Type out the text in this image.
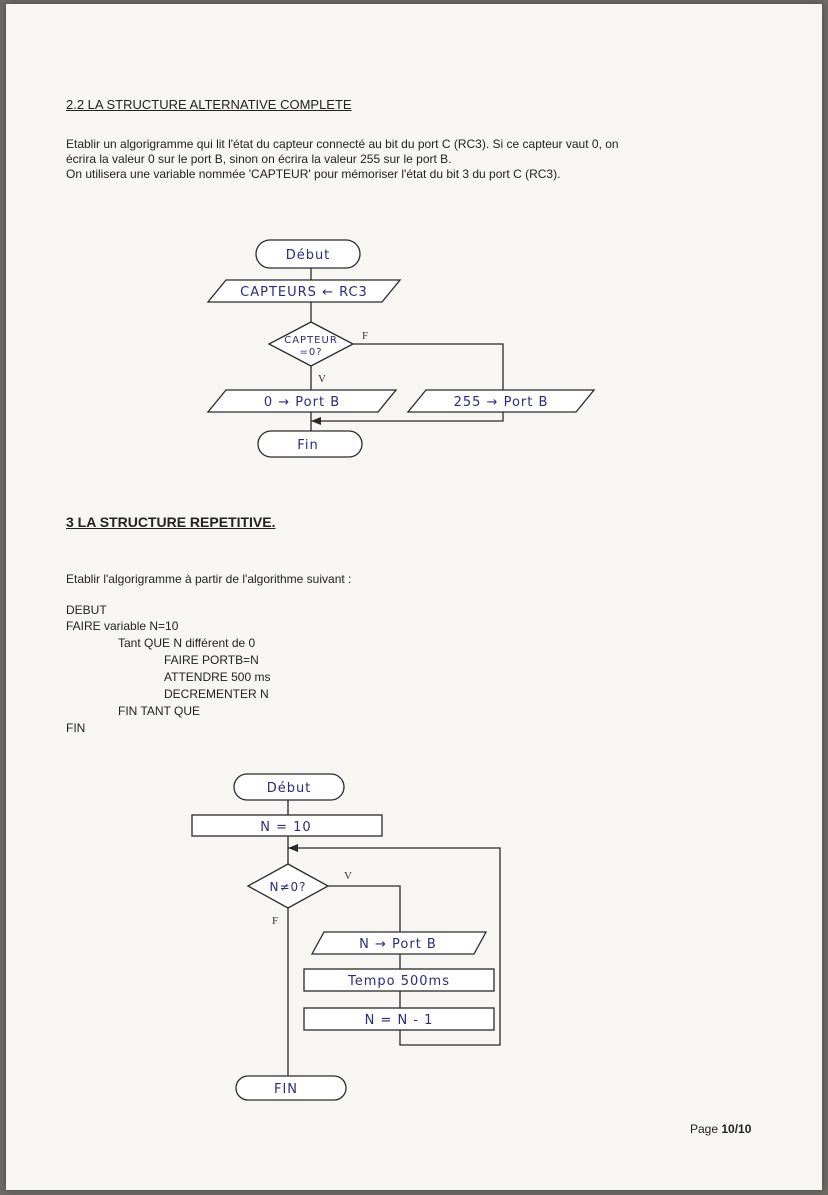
2.2 LA STRUCTURE ALTERNATIVE COMPLETE
Etablir un algorigramme qui lit l'état du capteur connecté au bit du port C (RC3). Si ce capteur vaut 0, on
écrira la valeur 0 sur le port B, sinon on écrira la valeur 255 sur le port B.
On utilisera une variable nommée 'CAPTEUR' pour mémoriser l'état du bit 3 du port C (RC3).
Début
CAPTEURS ← RC3
CAPTEUR
=0?
F
V
0 → Port B	255 → Port B
Fin
Début
N = 10
N≠0?
V
F
N → Port B
Tempo 500ms
N = N - 1
FIN
3 LA STRUCTURE REPETITIVE.
Etablir l'algorigramme à partir de l'algorithme suivant :
DEBUT
FAIRE variable N=10
Tant QUE N différent de 0
FAIRE PORTB=N
ATTENDRE 500 ms
DECREMENTER N
FIN TANT QUE
FIN
Page 10/10
